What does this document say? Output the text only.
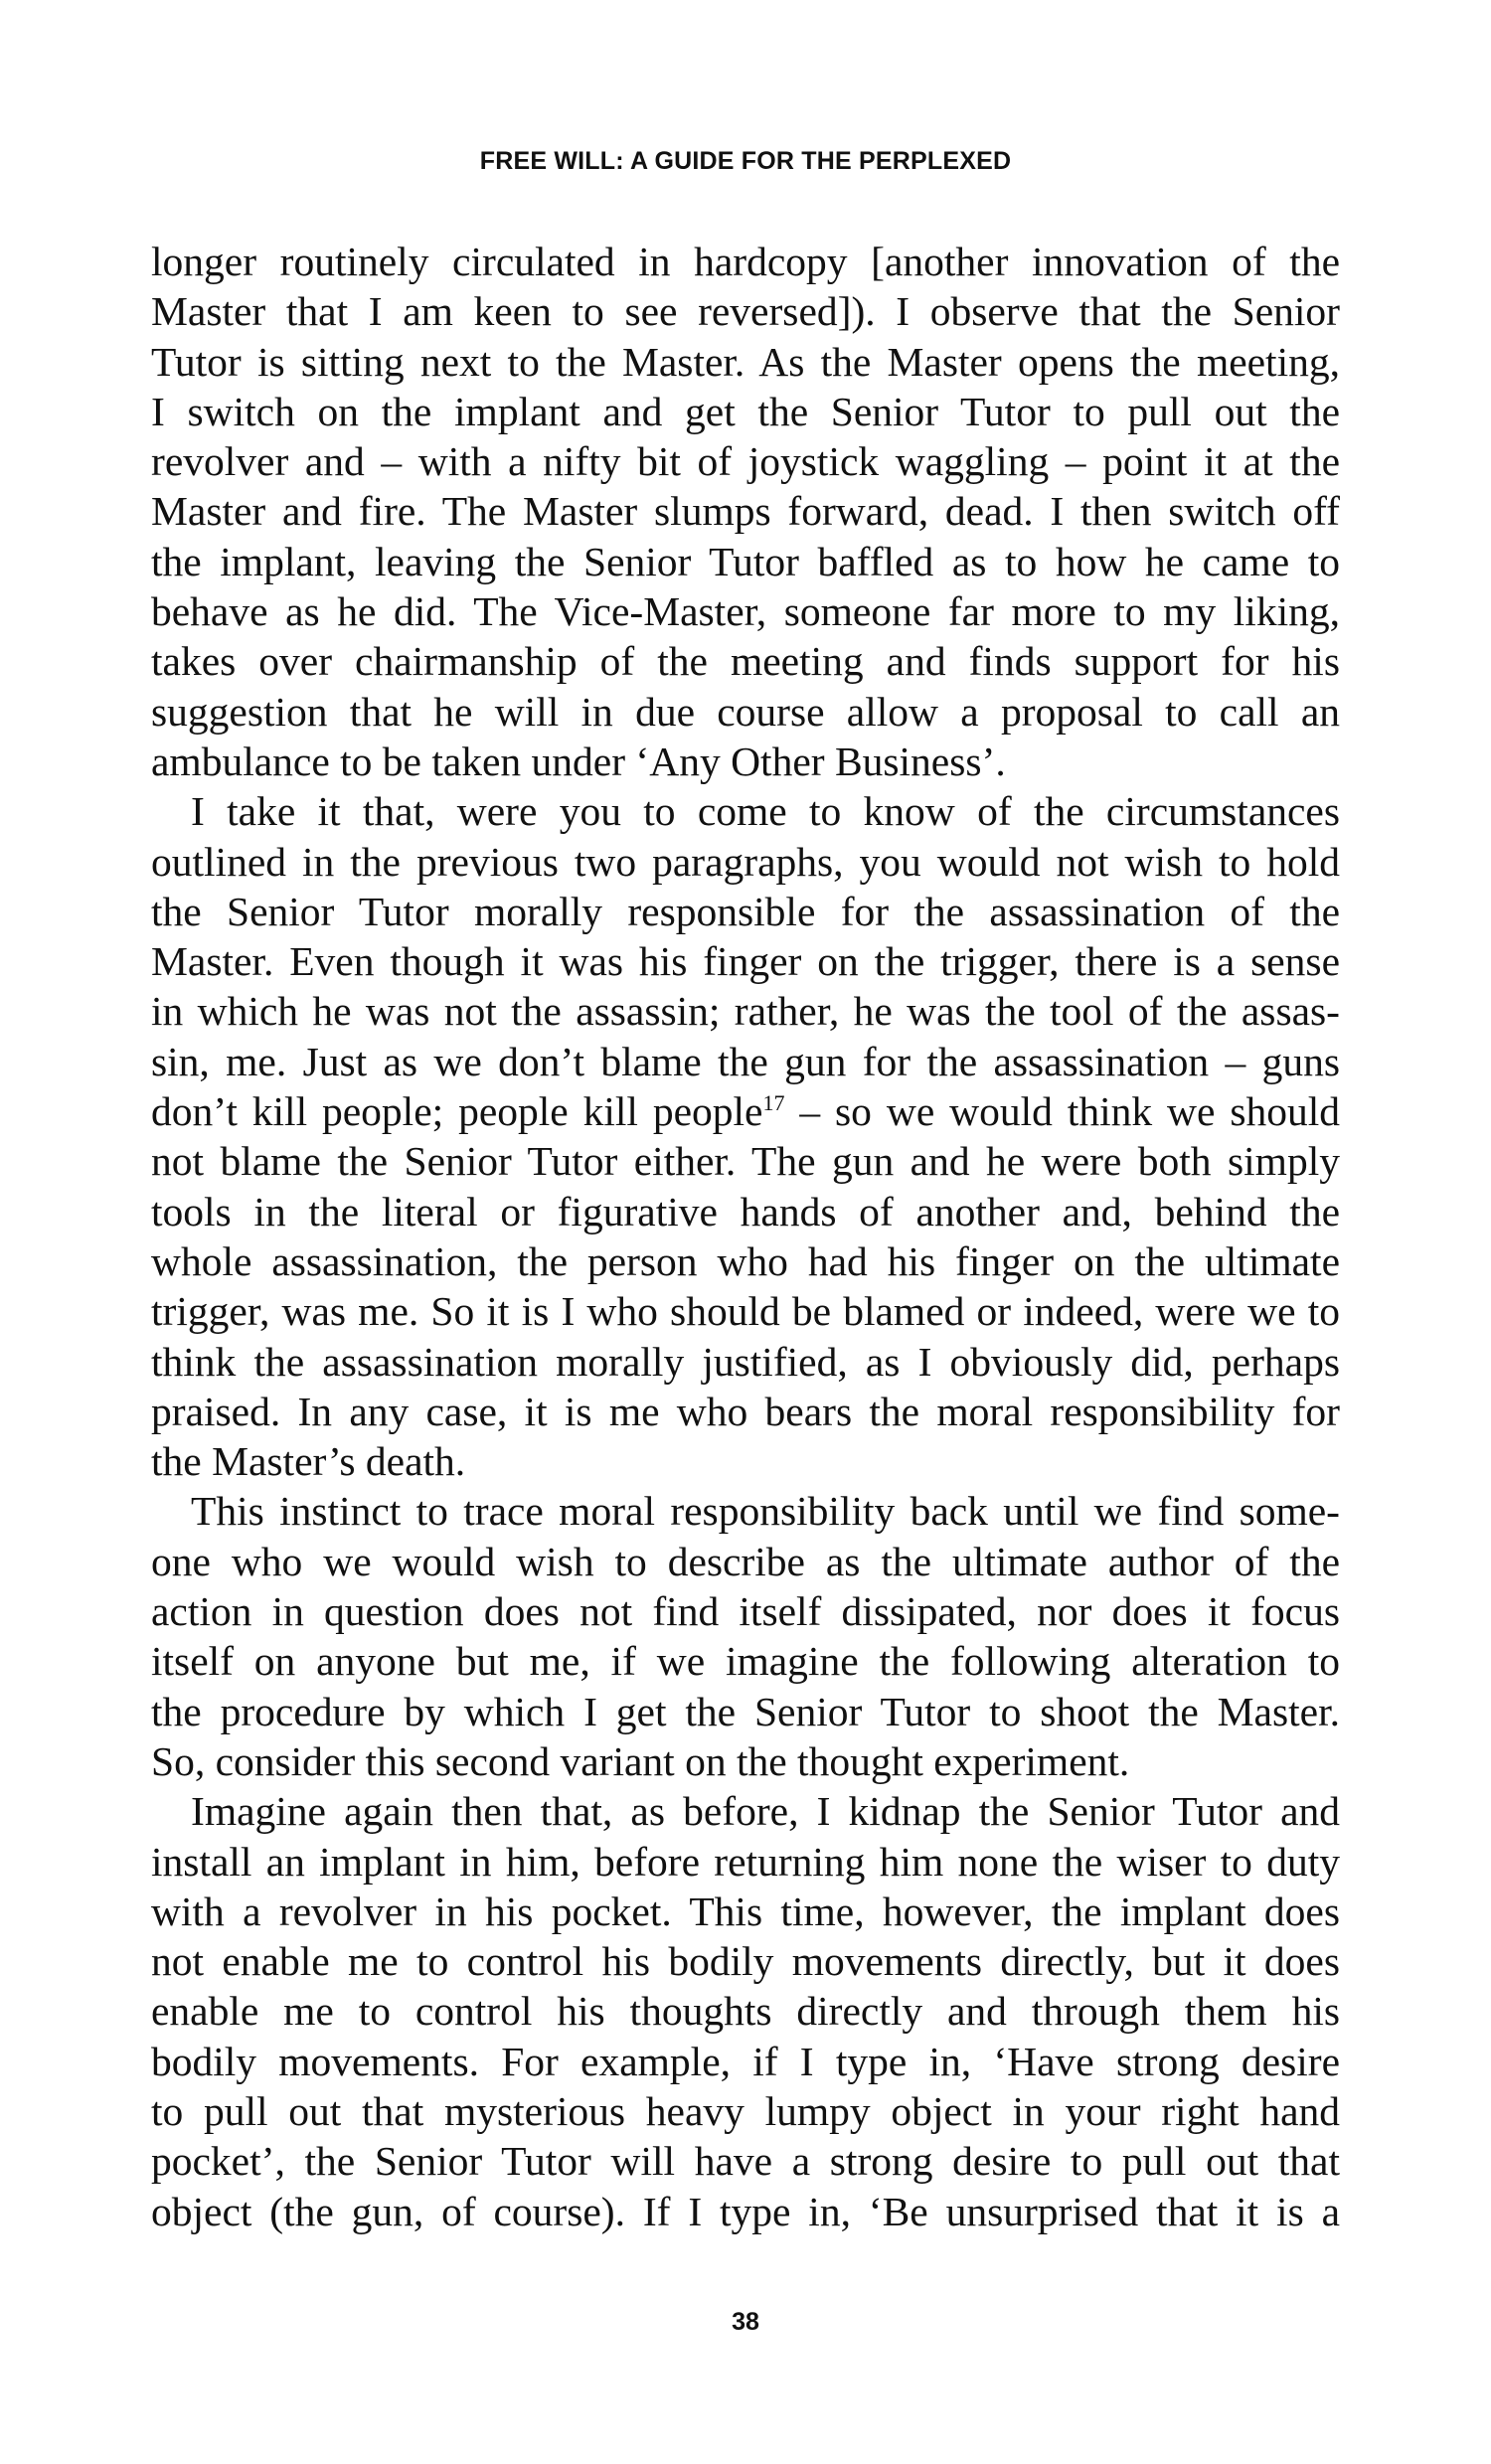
FREE WILL: A GUIDE FOR THE PERPLEXED

longer routinely circulated in hardcopy [another innovation of the
Master that I am keen to see reversed]). I observe that the Senior
Tutor is sitting next to the Master. As the Master opens the meeting,
I switch on the implant and get the Senior Tutor to pull out the
revolver and – with a nifty bit of joystick waggling – point it at the
Master and fire. The Master slumps forward, dead. I then switch off
the implant, leaving the Senior Tutor baffled as to how he came to
behave as he did. The Vice-Master, someone far more to my liking,
takes over chairmanship of the meeting and finds support for his
suggestion that he will in due course allow a proposal to call an
ambulance to be taken under ‘Any Other Business’.

I take it that, were you to come to know of the circumstances
outlined in the previous two paragraphs, you would not wish to hold
the Senior Tutor morally responsible for the assassination of the
Master. Even though it was his finger on the trigger, there is a sense
in which he was not the assassin; rather, he was the tool of the assas-
sin, me. Just as we don’t blame the gun for the assassination – guns
don’t kill people; people kill people$^{17}$ – so we would think we should
not blame the Senior Tutor either. The gun and he were both simply
tools in the literal or figurative hands of another and, behind the
whole assassination, the person who had his finger on the ultimate
trigger, was me. So it is I who should be blamed or indeed, were we to
think the assassination morally justified, as I obviously did, perhaps
praised. In any case, it is me who bears the moral responsibility for
the Master’s death.

This instinct to trace moral responsibility back until we find some-
one who we would wish to describe as the ultimate author of the
action in question does not find itself dissipated, nor does it focus
itself on anyone but me, if we imagine the following alteration to
the procedure by which I get the Senior Tutor to shoot the Master.
So, consider this second variant on the thought experiment.

Imagine again then that, as before, I kidnap the Senior Tutor and
install an implant in him, before returning him none the wiser to duty
with a revolver in his pocket. This time, however, the implant does
not enable me to control his bodily movements directly, but it does
enable me to control his thoughts directly and through them his
bodily movements. For example, if I type in, ‘Have strong desire
to pull out that mysterious heavy lumpy object in your right hand
pocket’, the Senior Tutor will have a strong desire to pull out that
object (the gun, of course). If I type in, ‘Be unsurprised that it is a

38
